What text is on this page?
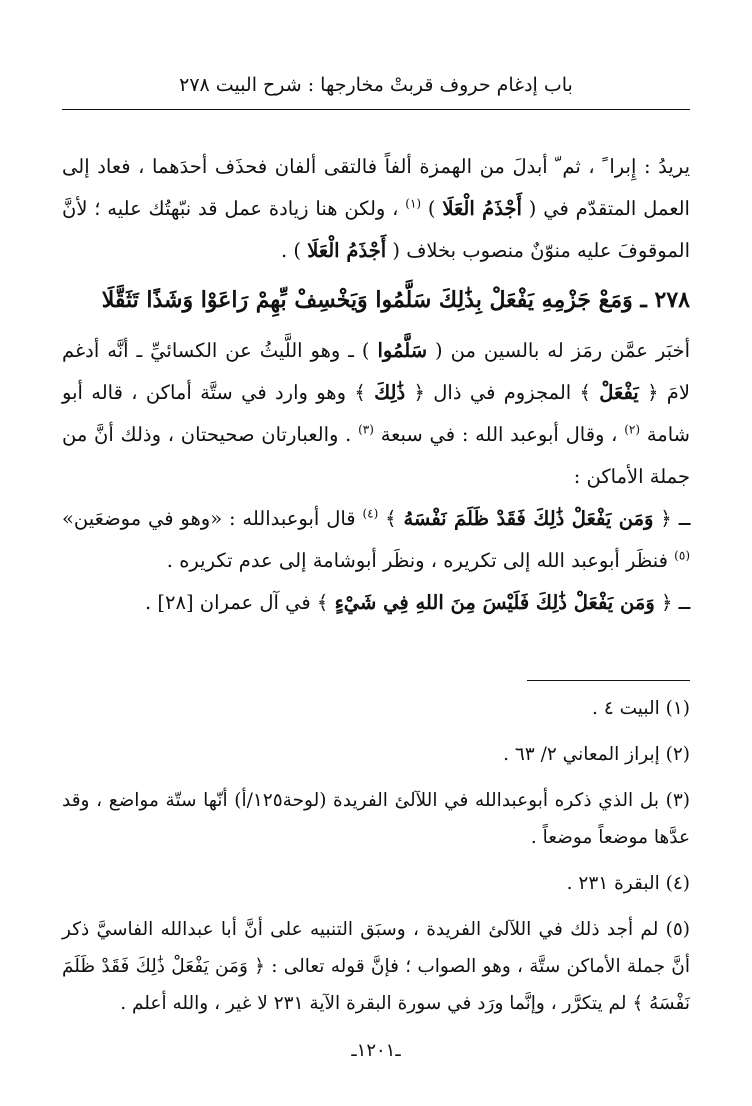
باب إدغام حروف قربتْ مخارجها : شرح البيت ٢٧٨

يريدُ : إِبرا ً ، ثم ّ أبدلَ من الهمزة ألفاً فالتقى ألفان فحذَف أحدَهما ، فعاد إلى العمل المتقدّم في ( أَجْذَمُ الْعَلَا ) $^{(١)}$ ، ولكن هنا زيادة عمل قد نبّهتُك عليه ؛ لأنَّ الموقوفَ عليه منوّنٌ منصوب بخلاف ( أَجْذَمُ الْعَلَا ) .

٢٧٨ ـ وَمَعْ جَزْمِهِ يَفْعَلْ بِذَٰلِكَ سَلَّمُوا وَيَخْسِفْ بِّهِمْ رَاعَوْا وَشَذًا تَثَقَّلَا

أخبَر عمَّن رمَز له بالسين من ( سَلَّمُوا ) ـ وهو اللَّيثُ عن الكسائيِّ ـ أنَّه أدغم لامَ ﴿ يَفْعَلْ ﴾ المجزوم في ذال ﴿ ذَٰلِكَ ﴾ وهو وارد في ستَّة أماكن ، قاله أبو شامة $^{(٢)}$ ، وقال أبوعبد الله : في سبعة $^{(٣)}$ . والعبارتان صحيحتان ، وذلك أنَّ من جملة الأماكن :

ـ ﴿ وَمَن يَفْعَلْ ذَٰلِكَ فَقَدْ ظَلَمَ نَفْسَهُ ﴾ $^{(٤)}$ قال أبوعبدالله : «وهو في موضعَين» $^{(٥)}$ فنظَر أبوعبد الله إلى تكريره ، ونظَر أبوشامة إلى عدم تكريره .

ـ ﴿ وَمَن يَفْعَلْ ذَٰلِكَ فَلَيْسَ مِنَ اللهِ فِي شَيْءٍ ﴾ في آل عمران [٢٨] .

(١) البيت ٤ .

(٢) إبراز المعاني ٢/ ٦٣ .

(٣) بل الذي ذكره أبوعبدالله في اللآلئ الفريدة (لوحة١٢٥/أ) أنّها ستّة مواضع ، وقد عدَّها موضعاً موضعاً .

(٤) البقرة ٢٣١ .

(٥) لم أجد ذلك في اللآلئ الفريدة ، وسبَق التنبيه على أنَّ أبا عبدالله الفاسيَّ ذكر أنَّ جملة الأماكن ستَّة ، وهو الصواب ؛ فإنَّ قوله تعالى : ﴿ وَمَن يَفْعَلْ ذَٰلِكَ فَقَدْ ظَلَمَ نَفْسَهُ ﴾ لم يتكرَّر ، وإنَّما ورَد في سورة البقرة الآية ٢٣١ لا غير ، والله أعلم .

ـ١٢٠١ـ
